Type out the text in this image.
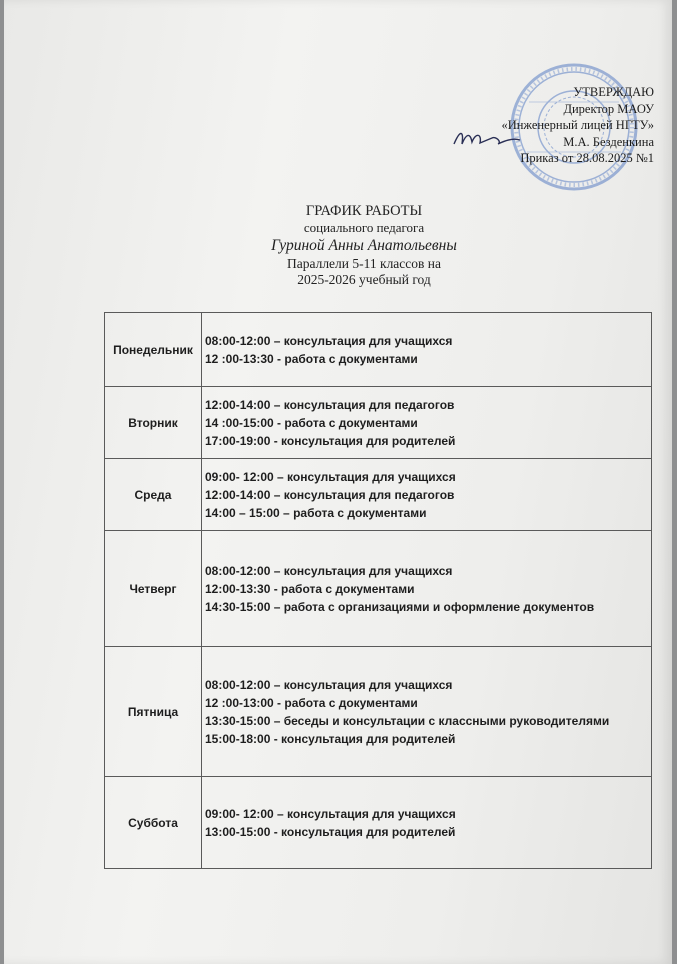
УТВЕРЖДАЮ
Директор МАОУ
«Инженерный лицей НГТУ»
М.А. Безденкина
Приказ от 28.08.2025 №1
ГРАФИК РАБОТЫ
социального педагога
Гуриной Анны Анатольевны
Параллели 5-11 классов на
2025-2026 учебный год
Понедельник	08:00-12:00 – консультация для учащихся
12 :00-13:30 - работа с документами

Вторник	12:00-14:00 – консультация для педагогов
14 :00-15:00 - работа с документами
17:00-19:00 - консультация для родителей

Среда	09:00- 12:00 – консультация для учащихся
12:00-14:00 – консультация для педагогов
14:00 – 15:00 – работа с документами

Четверг	08:00-12:00 – консультация для учащихся
12:00-13:30 - работа с документами
14:30-15:00 – работа с организациями и оформление документов

Пятница	08:00-12:00 – консультация для учащихся
12 :00-13:00 - работа с документами
13:30-15:00 – беседы и консультации с классными руководителями
15:00-18:00 - консультация для родителей

Суббота	09:00- 12:00 – консультация для учащихся
13:00-15:00 - консультация для родителей
